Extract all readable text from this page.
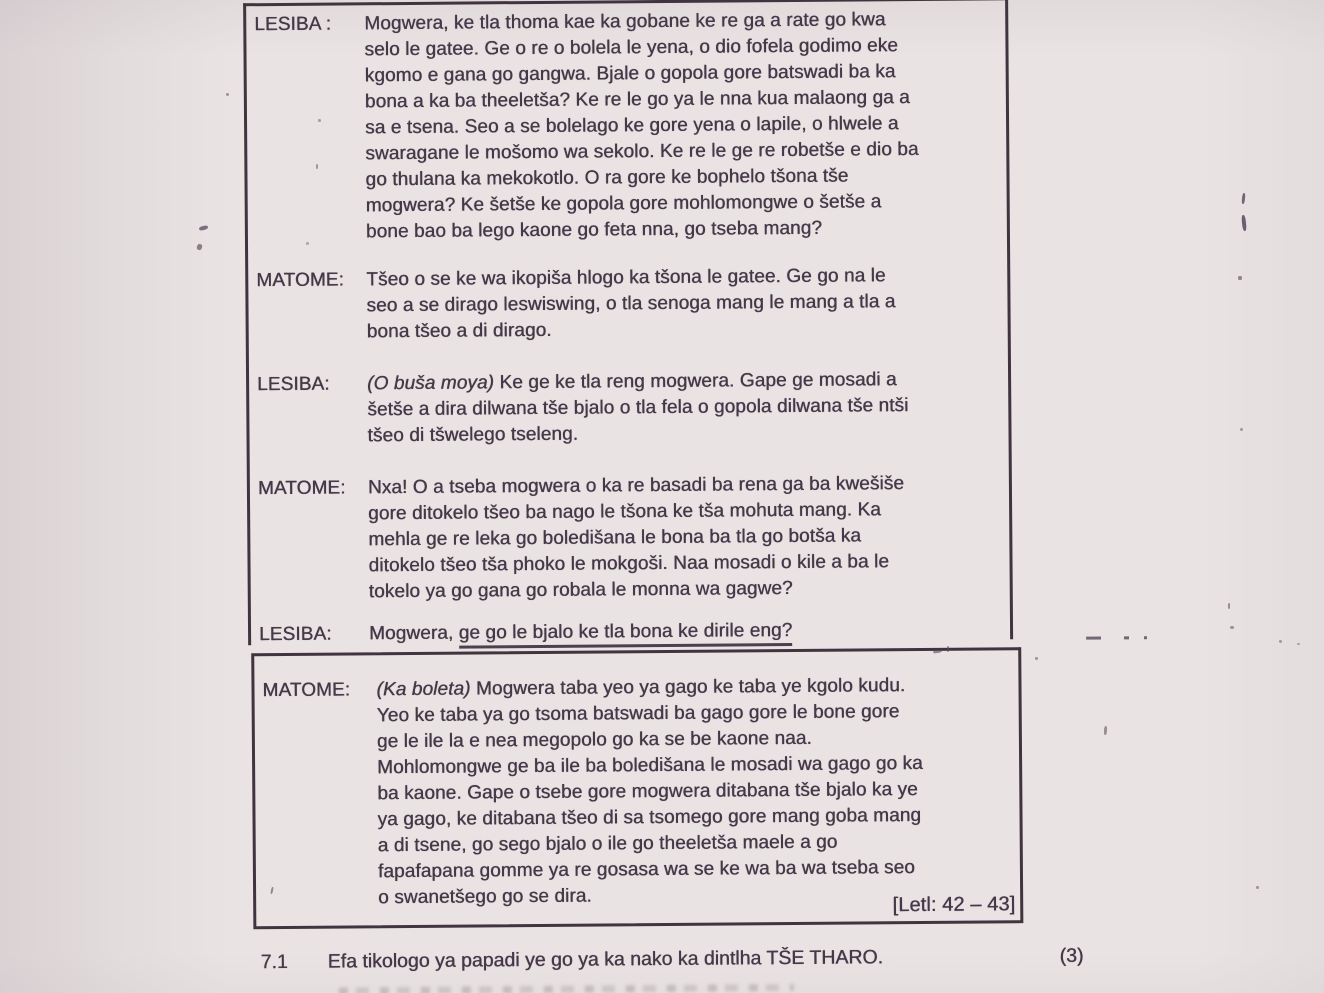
LESIBA :	Mogwera, ke tla thoma kae ka gobane ke re ga a rate go kwa
selo le gatee. Ge o re o bolela le yena, o dio fofela godimo eke
kgomo e gana go gangwa. Bjale o gopola gore batswadi ba ka
bona a ka ba theeletša? Ke re le go ya le nna kua malaong ga a
sa e tsena. Seo a se bolelago ke gore yena o lapile, o hlwele a
swaragane le mošomo wa sekolo. Ke re le ge re robetše e dio ba
go thulana ka mekokotlo. O ra gore ke bophelo tšona tše
mogwera? Ke šetše ke gopola gore mohlomongwe o šetše a
bone bao ba lego kaone go feta nna, go tseba mang?
MATOME:	Tšeo o se ke wa ikopiša hlogo ka tšona le gatee. Ge go na le
seo a se dirago leswiswing, o tla senoga mang le mang a tla a
bona tšeo a di dirago.
LESIBA:	(O buša moya) Ke ge ke tla reng mogwera. Gape ge mosadi a
šetše a dira dilwana tše bjalo o tla fela o gopola dilwana tše ntši
tšeo di tšwelego tseleng.
MATOME:	Nxa! O a tseba mogwera o ka re basadi ba rena ga ba kwešiše
gore ditokelo tšeo ba nago le tšona ke tša mohuta mang. Ka
mehla ge re leka go boledišana le bona ba tla go botša ka
ditokelo tšeo tša phoko le mokgoši. Naa mosadi o kile a ba le
tokelo ya go gana go robala le monna wa gagwe?
LESIBA:	Mogwera, ge go le bjalo ke tla bona ke dirile eng?
MATOME:	(Ka boleta) Mogwera taba yeo ya gago ke taba ye kgolo kudu.
Yeo ke taba ya go tsoma batswadi ba gago gore le bone gore
ge le ile la e nea megopolo go ka se be kaone naa.
Mohlomongwe ge ba ile ba boledišana le mosadi wa gago go ka
ba kaone. Gape o tsebe gore mogwera ditabana tše bjalo ka ye
ya gago, ke ditabana tšeo di sa tsomego gore mang goba mang
a di tsene, go sego bjalo o ile go theeletša maele a go
fapafapana gomme ya re gosasa wa se ke wa ba wa tseba seo
o swanetšego go se dira.	[Letl: 42 – 43]
7.1	Efa tikologo ya papadi ye go ya ka nako ka dintlha TŠE THARO.	(3)
